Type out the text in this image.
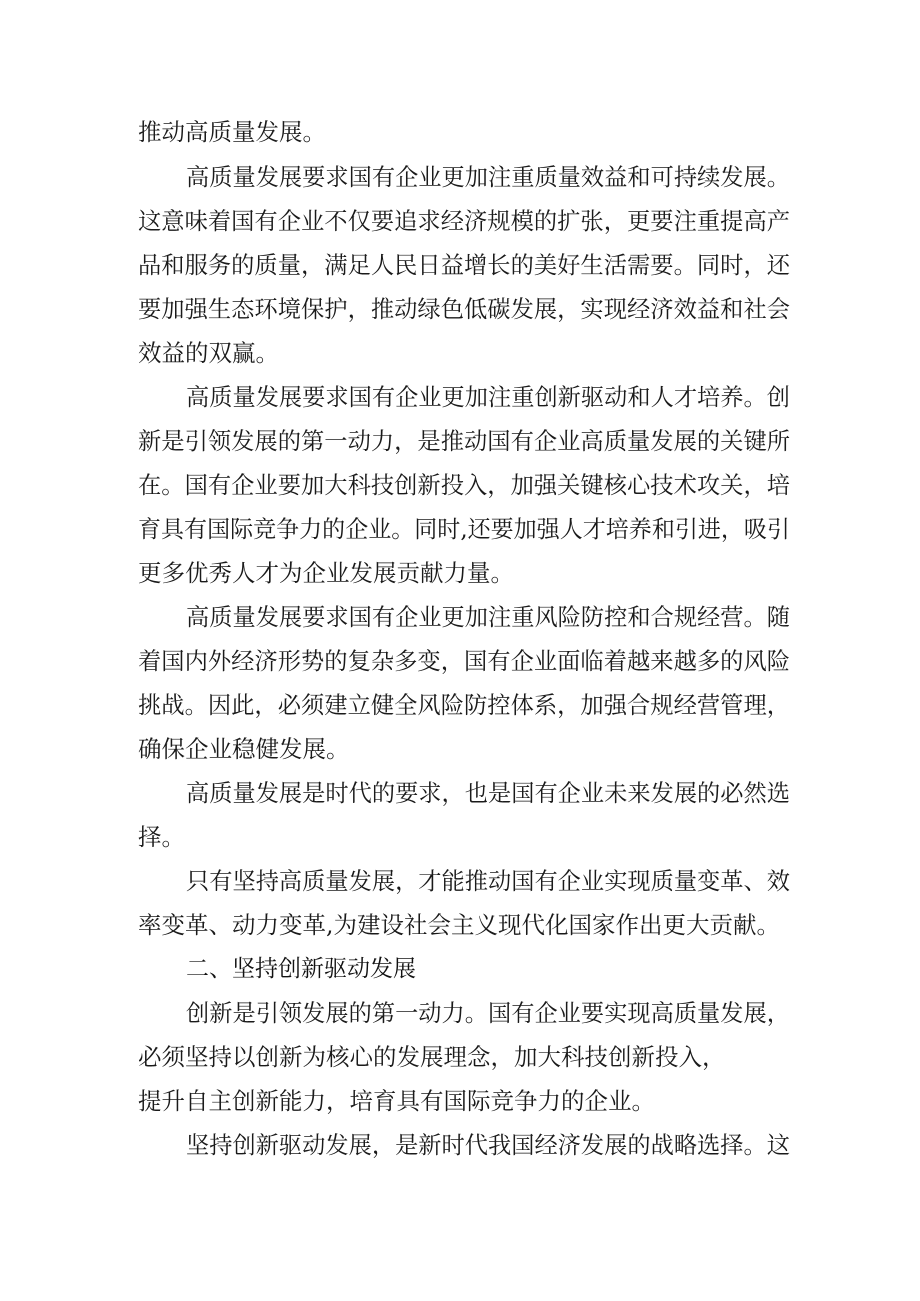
推动高质量发展。
高质量发展要求国有企业更加注重质量效益和可持续发展。
这意味着国有企业不仅要追求经济规模的扩张，更要注重提高产
品和服务的质量，满足人民日益增长的美好生活需要。同时，还
要加强生态环境保护，推动绿色低碳发展，实现经济效益和社会
效益的双赢。
高质量发展要求国有企业更加注重创新驱动和人才培养。创
新是引领发展的第一动力，是推动国有企业高质量发展的关键所
在。国有企业要加大科技创新投入，加强关键核心技术攻关，培
育具有国际竞争力的企业。同时,还要加强人才培养和引进，吸引
更多优秀人才为企业发展贡献力量。
高质量发展要求国有企业更加注重风险防控和合规经营。随
着国内外经济形势的复杂多变，国有企业面临着越来越多的风险
挑战。因此，必须建立健全风险防控体系，加强合规经营管理，
确保企业稳健发展。
高质量发展是时代的要求，也是国有企业未来发展的必然选
择。
只有坚持高质量发展，才能推动国有企业实现质量变革、效
率变革、动力变革,为建设社会主义现代化国家作出更大贡献。
二、坚持创新驱动发展
创新是引领发展的第一动力。国有企业要实现高质量发展，
必须坚持以创新为核心的发展理念，加大科技创新投入，
提升自主创新能力，培育具有国际竞争力的企业。
坚持创新驱动发展，是新时代我国经济发展的战略选择。这
